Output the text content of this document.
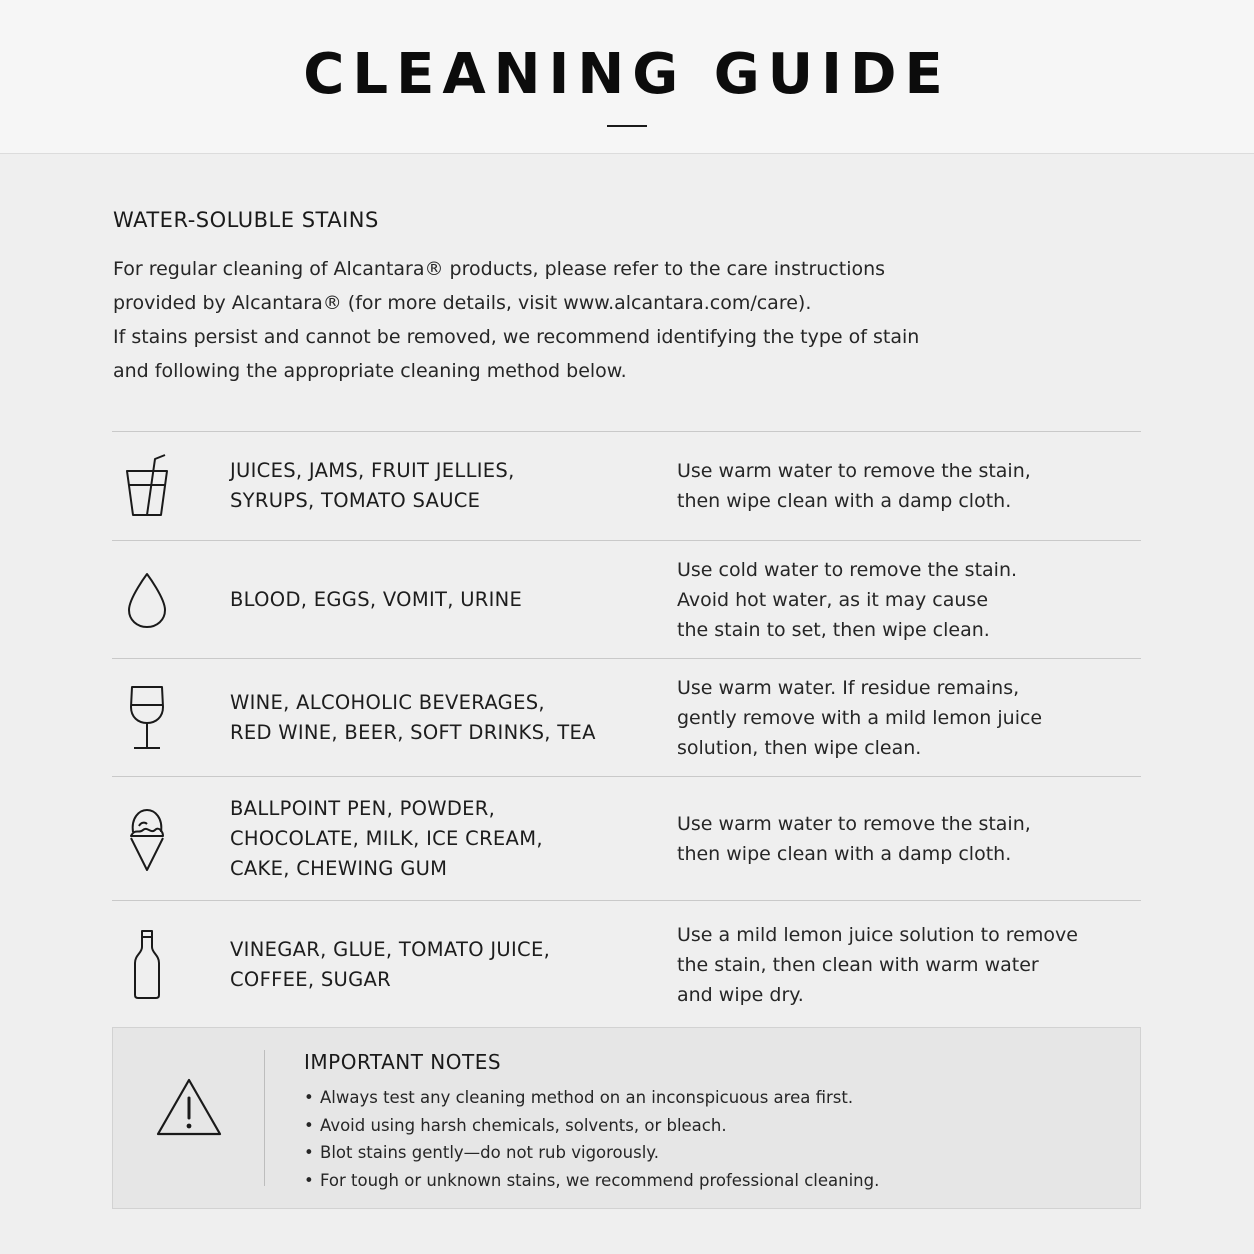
CLEANING GUIDE
WATER-SOLUBLE STAINS

For regular cleaning of Alcantara® products, please refer to the care instructions

provided by Alcantara® (for more details, visit www.alcantara.com/care).

If stains persist and cannot be removed, we recommend identifying the type of stain

and following the appropriate cleaning method below.

JUICES, JAMS, FRUIT JELLIES,
SYRUPS, TOMATO SAUCE
Use warm water to remove the stain,
then wipe clean with a damp cloth.
BLOOD, EGGS, VOMIT, URINE
Use cold water to remove the stain.
Avoid hot water, as it may cause
the stain to set, then wipe clean.
WINE, ALCOHOLIC BEVERAGES,
RED WINE, BEER, SOFT DRINKS, TEA
Use warm water. If residue remains,
gently remove with a mild lemon juice
solution, then wipe clean.
BALLPOINT PEN, POWDER,
CHOCOLATE, MILK, ICE CREAM,
CAKE, CHEWING GUM
Use warm water to remove the stain,
then wipe clean with a damp cloth.
VINEGAR, GLUE, TOMATO JUICE,
COFFEE, SUGAR
Use a mild lemon juice solution to remove
the stain, then clean with warm water
and wipe dry.
IMPORTANT NOTES
• Always test any cleaning method on an inconspicuous area first.
• Avoid using harsh chemicals, solvents, or bleach.
• Blot stains gently—do not rub vigorously.
• For tough or unknown stains, we recommend professional cleaning.
